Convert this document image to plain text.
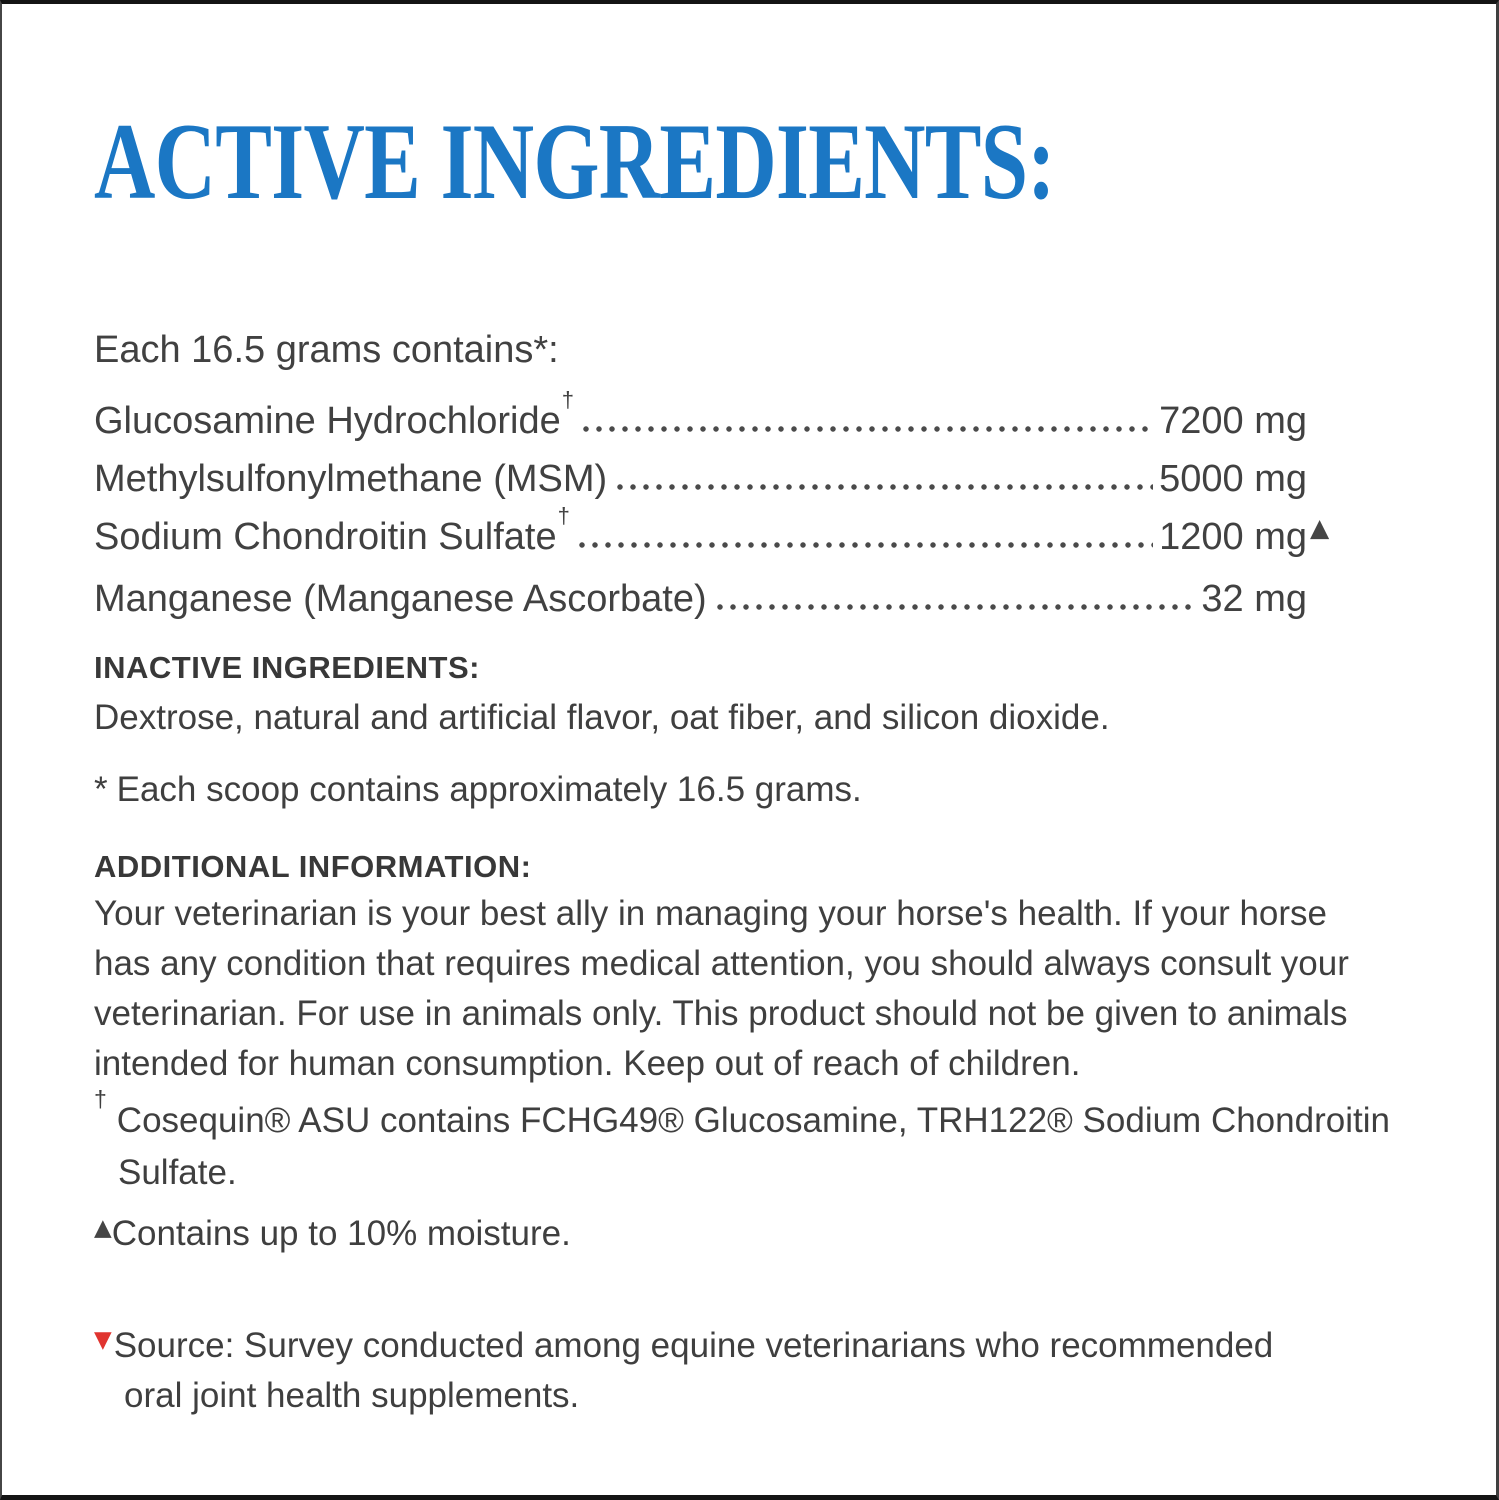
ACTIVE INGREDIENTS:

Each 16.5 grams contains*:

Glucosamine Hydrochloride†
7200 mg
Methylsulfonylmethane (MSM)	5000 mg
Sodium Chondroitin Sulfate†
1200 mg ▲
Manganese (Manganese Ascorbate)	32 mg
INACTIVE INGREDIENTS:

Dextrose, natural and artificial flavor, oat fiber, and silicon dioxide.

* Each scoop contains approximately 16.5 grams.

ADDITIONAL INFORMATION:
Your veterinarian is your best ally in managing your horse's health. If your horse
has any condition that requires medical attention, you should always consult your
veterinarian. For use in animals only. This product should not be given to animals
intended for human consumption. Keep out of reach of children.

†Cosequin® ASU contains FCHG49® Glucosamine, TRH122® Sodium Chondroitin
Sulfate.

▲Contains up to 10% moisture.

▼Source: Survey conducted among equine veterinarians who recommended
oral joint health supplements.
